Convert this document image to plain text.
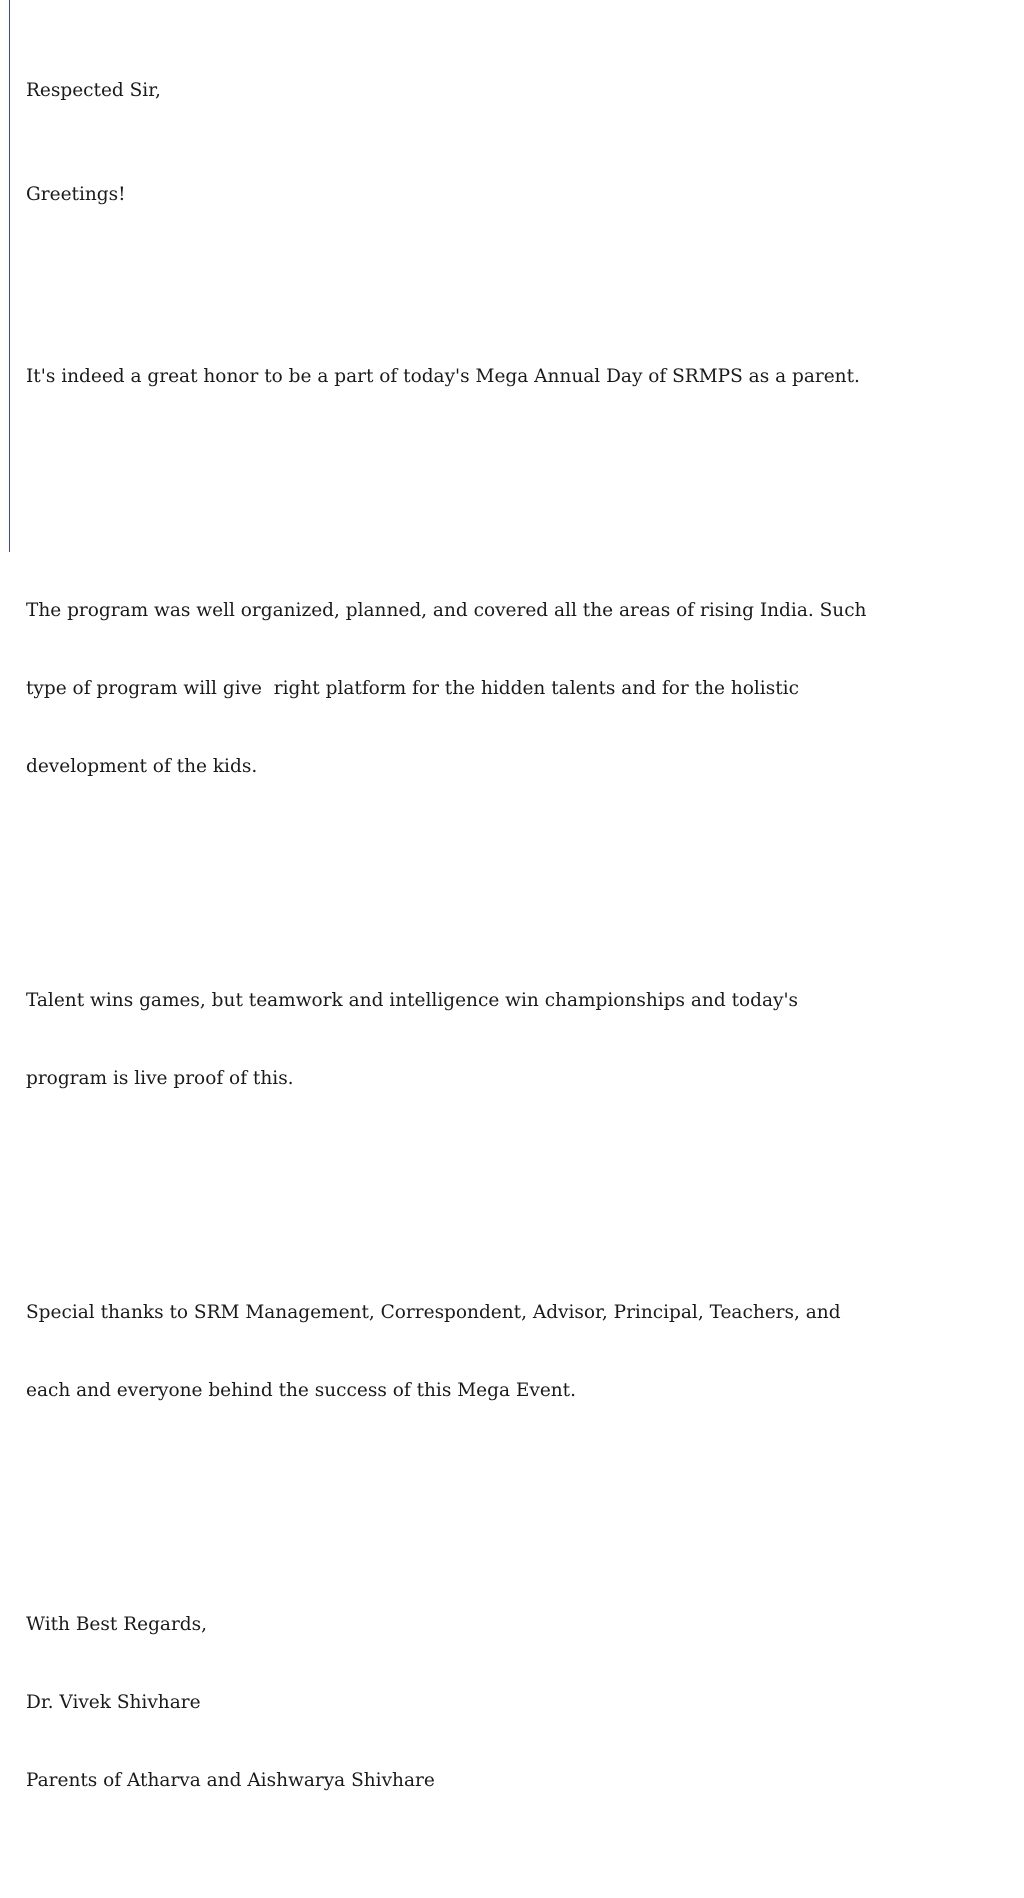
Respected Sir,

Greetings!

It's indeed a great honor to be a part of today's Mega Annual Day of SRMPS as a parent.

The program was well organized, planned, and covered all the areas of rising India. Such

type of program will give  right platform for the hidden talents and for the holistic

development of the kids.

Talent wins games, but teamwork and intelligence win championships and today's

program is live proof of this.

Special thanks to SRM Management, Correspondent, Advisor, Principal, Teachers, and

each and everyone behind the success of this Mega Event.

With Best Regards,

Dr. Vivek Shivhare

Parents of Atharva and Aishwarya Shivhare
